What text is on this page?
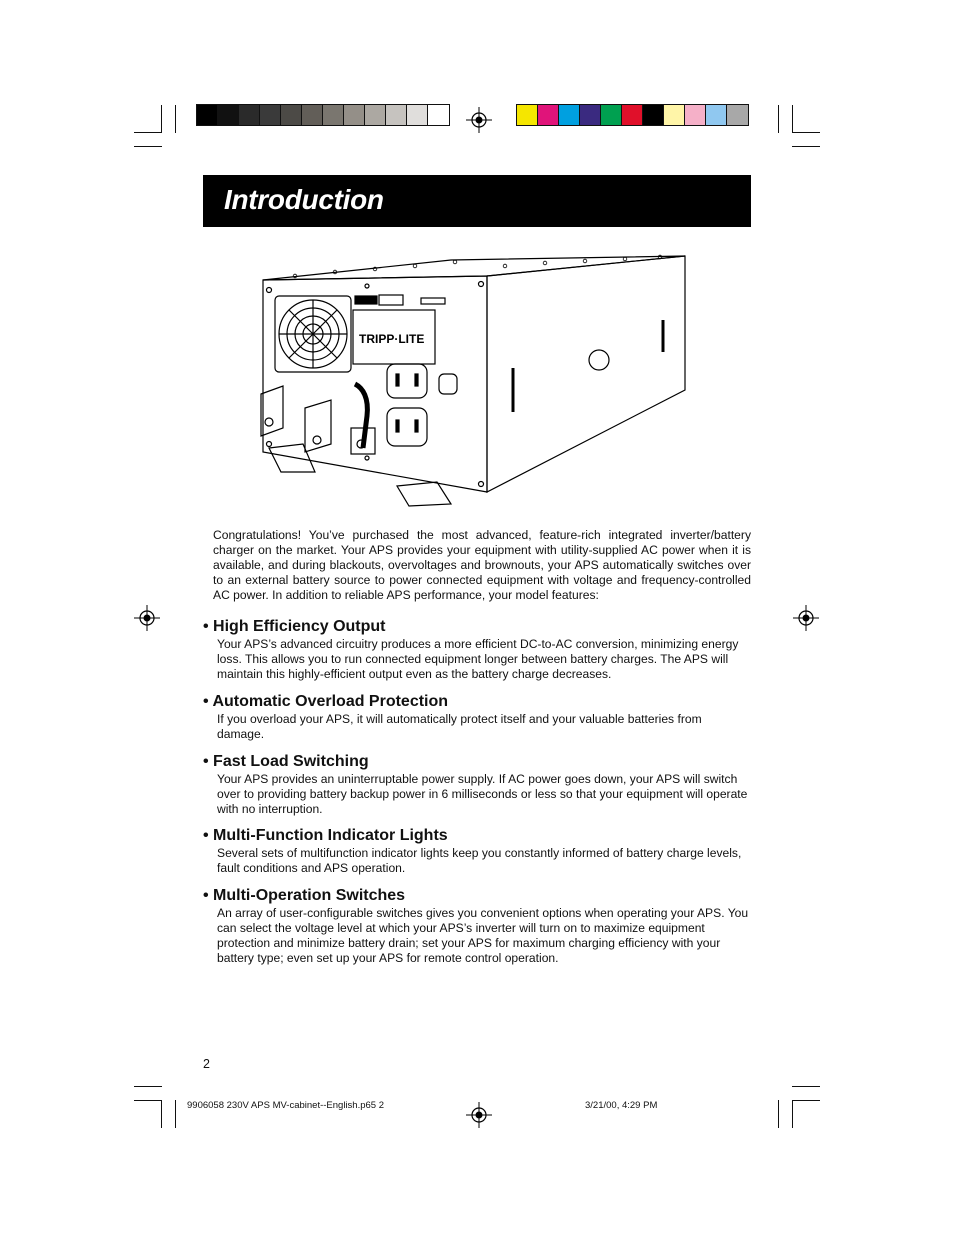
Introduction
TRIPP·LITE

Congratulations! You’ve purchased the most advanced, feature-rich integrated inverter/battery charger on the market. Your APS provides your equipment with utility-supplied AC power when it is available, and during blackouts, overvoltages and brownouts, your APS automatically switches over to an external battery source to power connected equipment with voltage and frequency-controlled AC power. In addition to reliable APS performance, your model features:

• High Efficiency Output

Your APS’s advanced circuitry produces a more efficient DC-to-AC conversion, minimizing energy loss. This allows you to run connected equipment longer between battery charges. The APS will maintain this highly-efficient output even as the battery charge decreases.

• Automatic Overload Protection

If you overload your APS, it will automatically protect itself and your valuable batteries from damage.

• Fast Load Switching

Your APS provides an uninterruptable power supply. If AC power goes down, your APS will switch over to providing battery backup power in 6 milliseconds or less so that your equipment will operate with no interruption.

• Multi-Function Indicator Lights

Several sets of multifunction indicator lights keep you constantly informed of battery charge levels, fault conditions and APS operation.

• Multi-Operation Switches

An array of user-configurable switches gives you convenient options when operating your APS. You can select the voltage level at which your APS’s inverter will turn on to maximize equipment protection and minimize battery drain; set your APS for maximum charging efficiency with your battery type; even set up your APS for remote control operation.

2
9906058 230V APS MV-cabinet--English.p65 2	3/21/00, 4:29 PM
